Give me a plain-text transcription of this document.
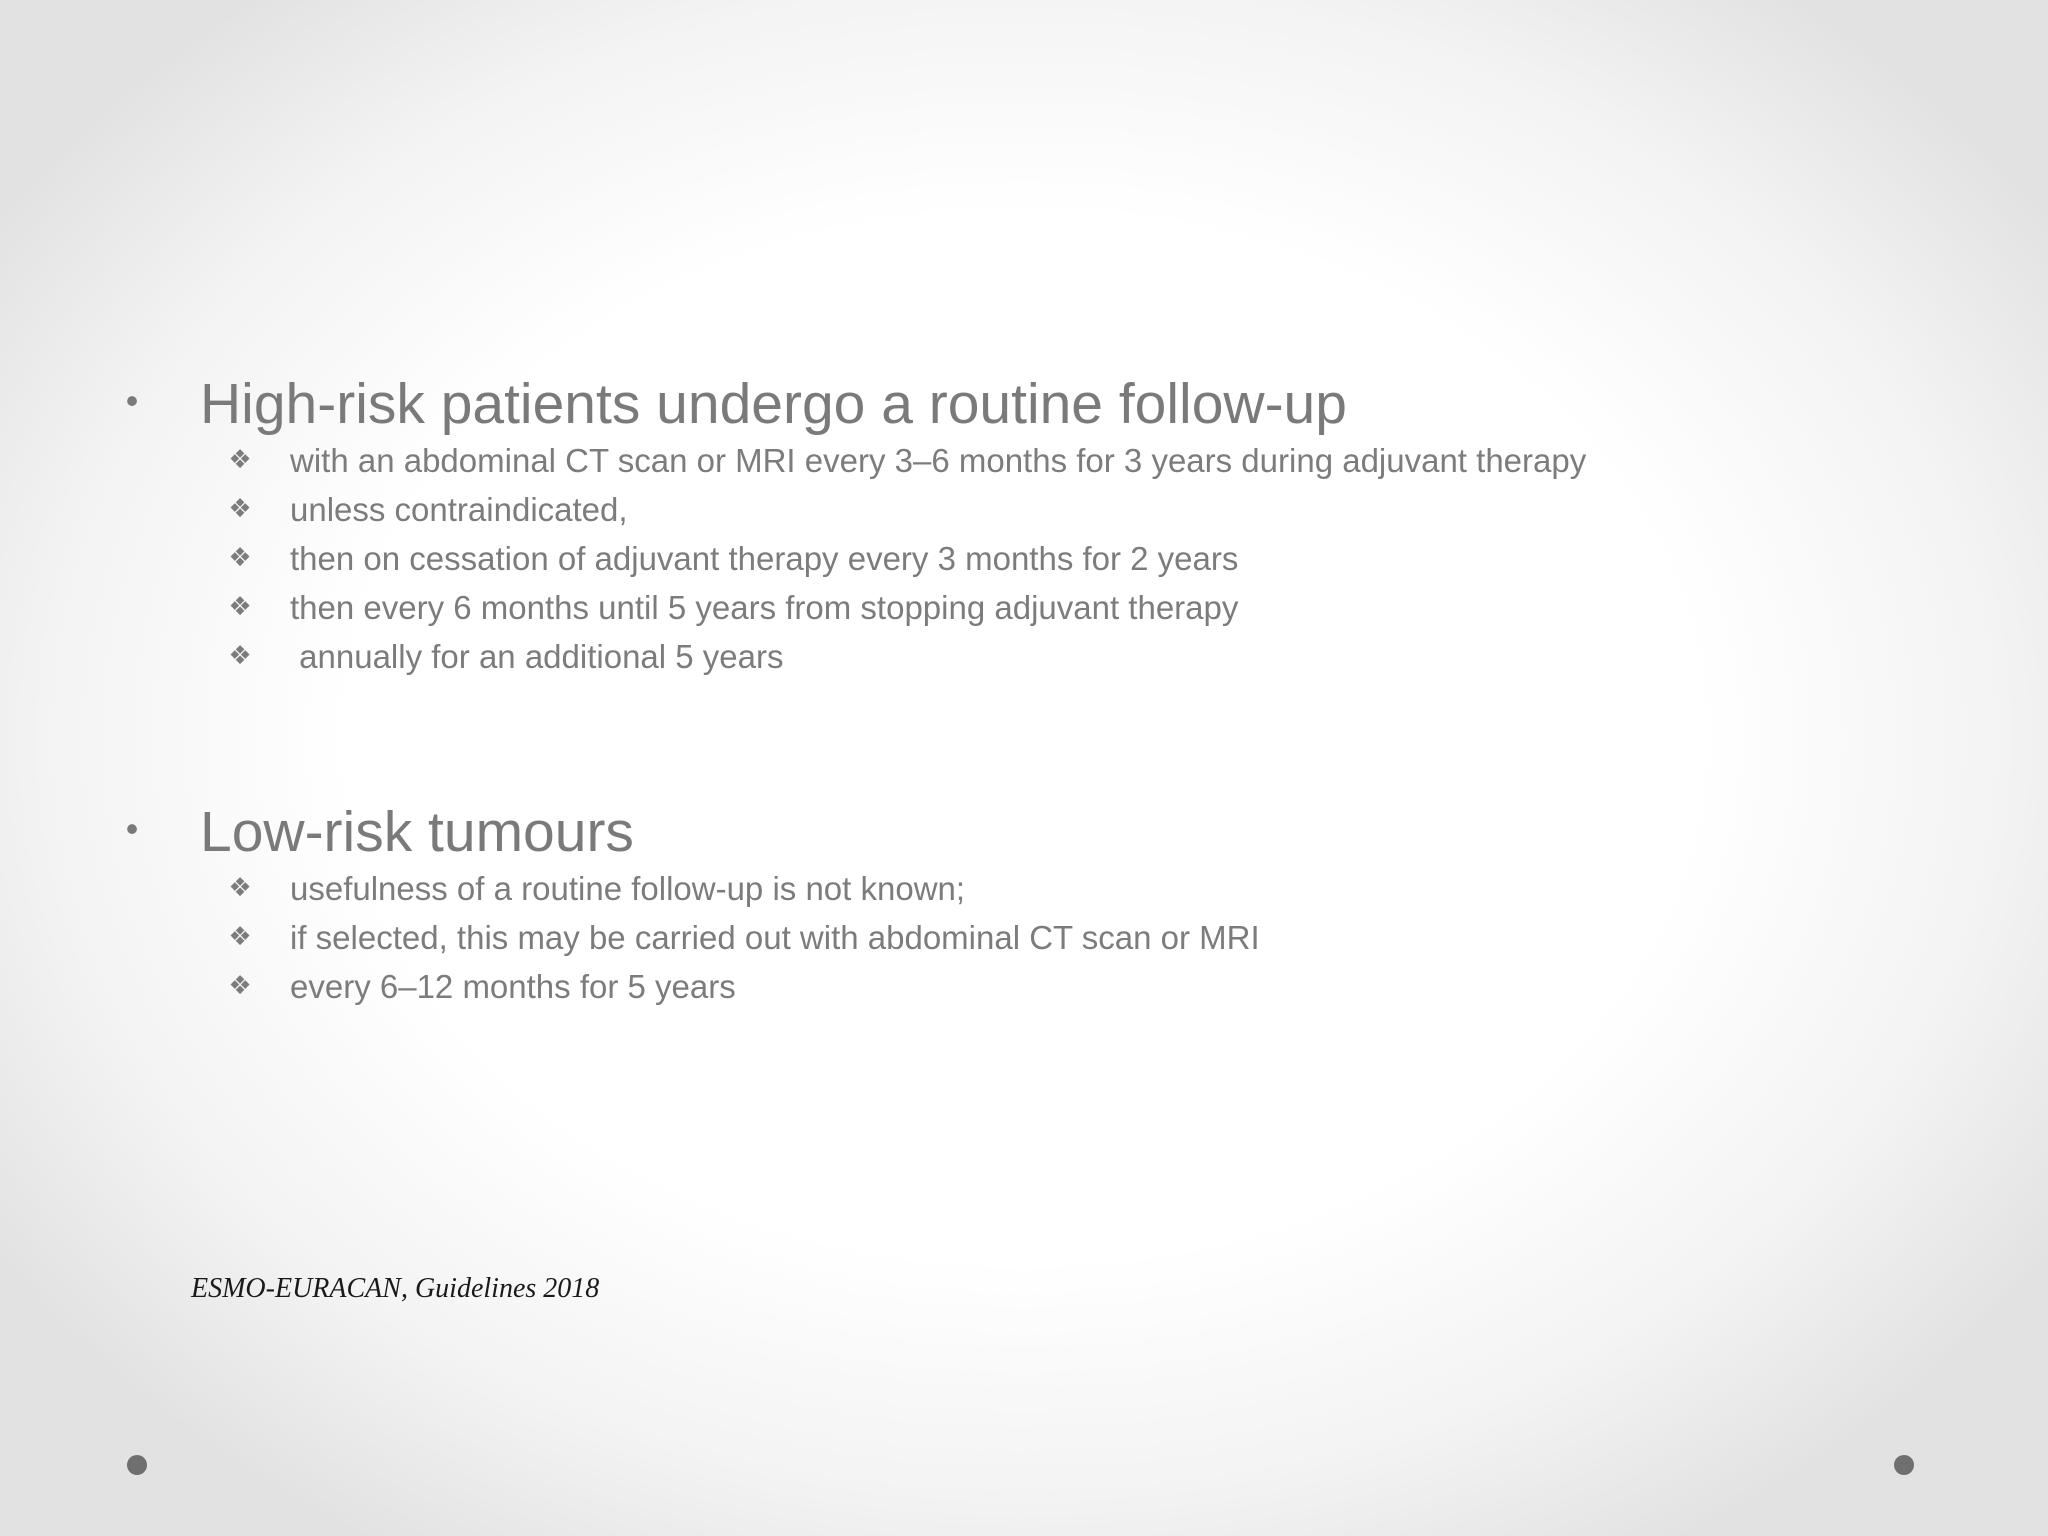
• High-risk patients undergo a routine follow-up
❖ with an abdominal CT scan or MRI every 3–6 months for 3 years during adjuvant therapy
❖ unless contraindicated,
❖ then on cessation of adjuvant therapy every 3 months for 2 years
❖ then every 6 months until 5 years from stopping adjuvant therapy
❖ annually for an additional 5 years
• Low-risk tumours
❖ usefulness of a routine follow-up is not known;
❖ if selected, this may be carried out with abdominal CT scan or MRI
❖ every 6–12 months for 5 years
ESMO-EURACAN, Guidelines 2018
